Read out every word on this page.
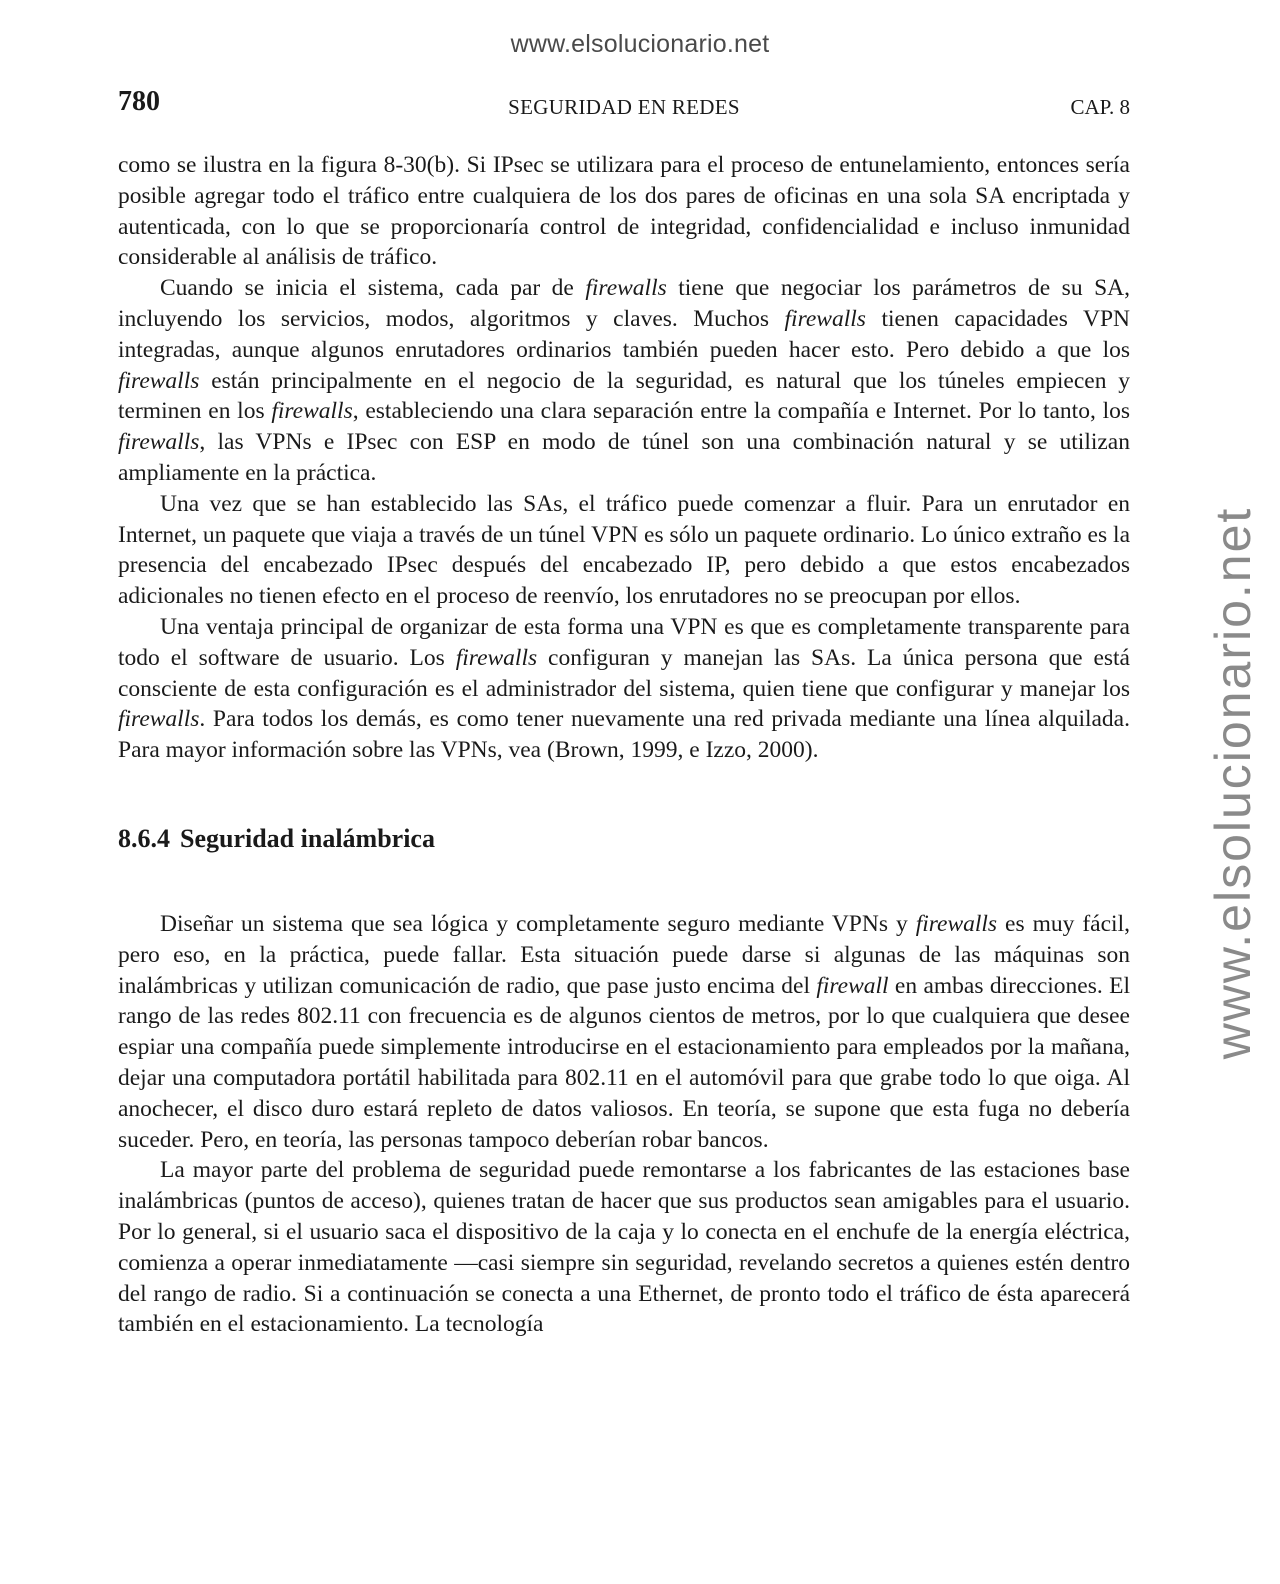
www.elsolucionario.net
www.elsolucionario.net
780	SEGURIDAD EN REDES	CAP. 8

como se ilustra en la figura 8-30(b). Si IPsec se utilizara para el proceso de entunelamiento, entonces sería posible agregar todo el tráfico entre cualquiera de los dos pares de oficinas en una sola SA encriptada y autenticada, con lo que se proporcionaría control de integridad, confidencialidad e incluso inmunidad considerable al análisis de tráfico.

Cuando se inicia el sistema, cada par de firewalls tiene que negociar los parámetros de su SA, incluyendo los servicios, modos, algoritmos y claves. Muchos firewalls tienen capacidades VPN integradas, aunque algunos enrutadores ordinarios también pueden hacer esto. Pero debido a que los firewalls están principalmente en el negocio de la seguridad, es natural que los túneles empiecen y terminen en los firewalls, estableciendo una clara separación entre la compañía e Internet. Por lo tanto, los firewalls, las VPNs e IPsec con ESP en modo de túnel son una combinación natural y se utilizan ampliamente en la práctica.

Una vez que se han establecido las SAs, el tráfico puede comenzar a fluir. Para un enrutador en Internet, un paquete que viaja a través de un túnel VPN es sólo un paquete ordinario. Lo único extraño es la presencia del encabezado IPsec después del encabezado IP, pero debido a que estos encabezados adicionales no tienen efecto en el proceso de reenvío, los enrutadores no se preocupan por ellos.

Una ventaja principal de organizar de esta forma una VPN es que es completamente transparente para todo el software de usuario. Los firewalls configuran y manejan las SAs. La única persona que está consciente de esta configuración es el administrador del sistema, quien tiene que configurar y manejar los firewalls. Para todos los demás, es como tener nuevamente una red privada mediante una línea alquilada. Para mayor información sobre las VPNs, vea (Brown, 1999, e Izzo, 2000).

8.6.4 Seguridad inalámbrica

Diseñar un sistema que sea lógica y completamente seguro mediante VPNs y firewalls es muy fácil, pero eso, en la práctica, puede fallar. Esta situación puede darse si algunas de las máquinas son inalámbricas y utilizan comunicación de radio, que pase justo encima del firewall en ambas direcciones. El rango de las redes 802.11 con frecuencia es de algunos cientos de metros, por lo que cualquiera que desee espiar una compañía puede simplemente introducirse en el estacionamiento para empleados por la mañana, dejar una computadora portátil habilitada para 802.11 en el automóvil para que grabe todo lo que oiga. Al anochecer, el disco duro estará repleto de datos valiosos. En teoría, se supone que esta fuga no debería suceder. Pero, en teoría, las personas tampoco deberían robar bancos.

La mayor parte del problema de seguridad puede remontarse a los fabricantes de las estaciones base inalámbricas (puntos de acceso), quienes tratan de hacer que sus productos sean amigables para el usuario. Por lo general, si el usuario saca el dispositivo de la caja y lo conecta en el enchufe de la energía eléctrica, comienza a operar inmediatamente —casi siempre sin seguridad, revelando secretos a quienes estén dentro del rango de radio. Si a continuación se conecta a una Ethernet, de pronto todo el tráfico de ésta aparecerá también en el estacionamiento. La tecnología
